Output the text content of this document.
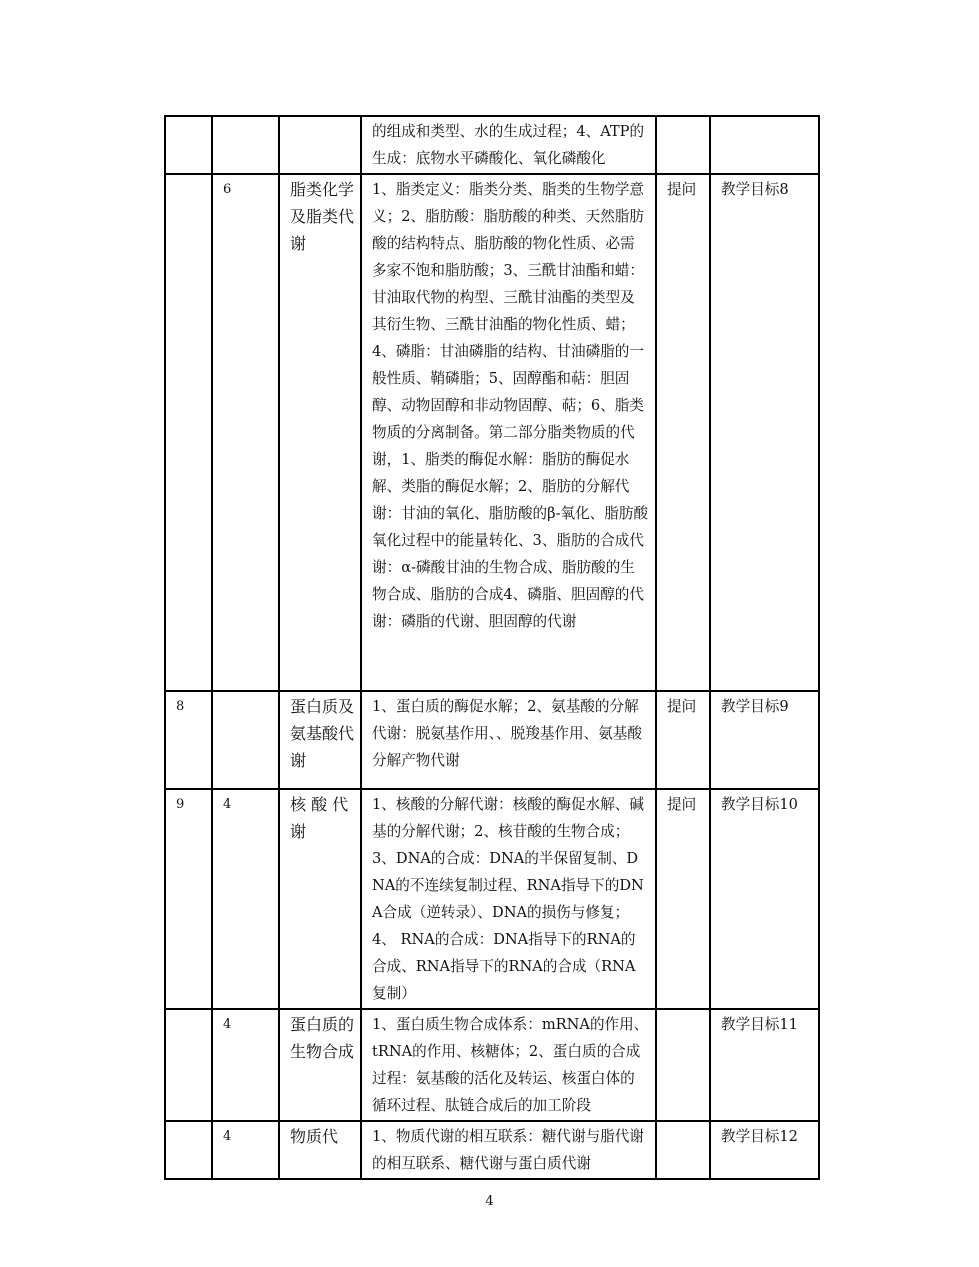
			的组成和类型、水的生成过程；4、ATP的生成：底物水平磷酸化、氧化磷酸化		
	6	脂类化学及脂类代谢	1、脂类定义：脂类分类、脂类的生物学意义；2、脂肪酸：脂肪酸的种类、天然脂肪酸的结构特点、脂肪酸的物化性质、必需多家不饱和脂肪酸；3、三酰甘油酯和蜡：甘油取代物的构型、三酰甘油酯的类型及其衍生物、三酰甘油酯的物化性质、蜡；4、磷脂：甘油磷脂的结构、甘油磷脂的一般性质、鞘磷脂；5、固醇酯和萜：胆固醇、动物固醇和非动物固醇、萜；6、脂类物质的分离制备。第二部分脂类物质的代谢，1、脂类的酶促水解：脂肪的酶促水解、类脂的酶促水解；2、脂肪的分解代谢：甘油的氧化、脂肪酸的β-氧化、脂肪酸氧化过程中的能量转化、3、脂肪的合成代谢：α-磷酸甘油的生物合成、脂肪酸的生物合成、脂肪的合成4、磷脂、胆固醇的代谢：磷脂的代谢、胆固醇的代谢	提问	教学目标8
8		蛋白质及氨基酸代谢	1、蛋白质的酶促水解；2、氨基酸的分解代谢：脱氨基作用、、脱羧基作用、氨基酸分解产物代谢	提问	教学目标9
9	4	核 酸 代 谢	1、核酸的分解代谢：核酸的酶促水解、碱基的分解代谢；2、核苷酸的生物合成；3、DNA的合成：DNA的半保留复制、DNA的不连续复制过程、RNA指导下的DNA合成（逆转录）、DNA的损伤与修复；4、 RNA的合成：DNA指导下的RNA的合成、RNA指导下的RNA的合成（RNA复制）	提问	教学目标10
	4	蛋白质的生物合成	1、蛋白质生物合成体系：mRNA的作用、tRNA的作用、核糖体；2、蛋白质的合成过程：氨基酸的活化及转运、核蛋白体的循环过程、肽链合成后的加工阶段		教学目标11
	4	物质代	1、物质代谢的相互联系：糖代谢与脂代谢的相互联系、糖代谢与蛋白质代谢		教学目标12
4
